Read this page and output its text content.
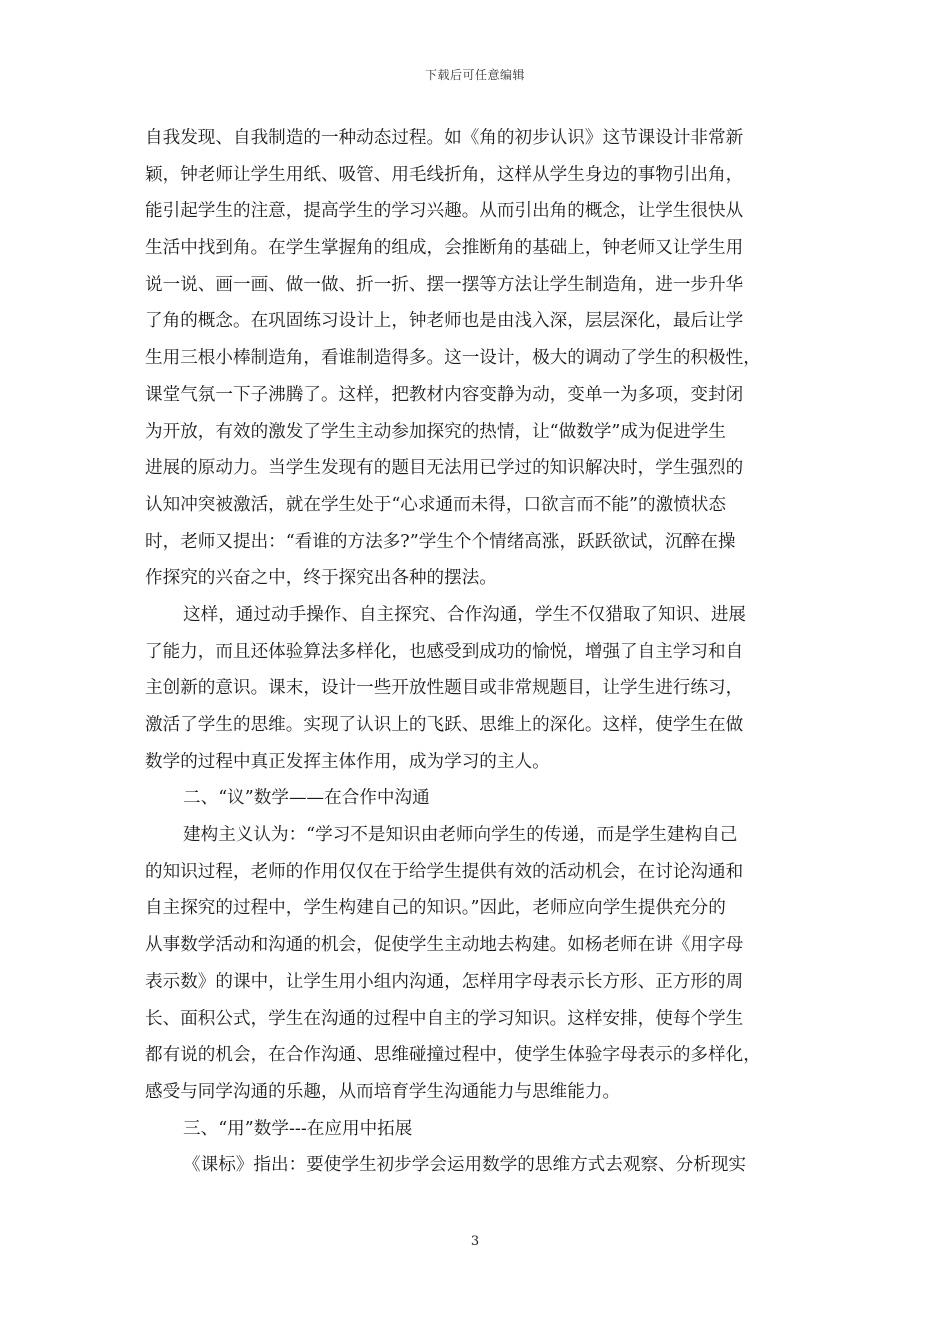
下载后可任意编辑

自我发现、自我制造的一种动态过程。如《角的初步认识》这节课设计非常新
颖，钟老师让学生用纸、吸管、用毛线折角，这样从学生身边的事物引出角，
能引起学生的注意，提高学生的学习兴趣。从而引出角的概念，让学生很快从
生活中找到角。在学生掌握角的组成，会推断角的基础上，钟老师又让学生用
说一说、画一画、做一做、折一折、摆一摆等方法让学生制造角，进一步升华
了角的概念。在巩固练习设计上，钟老师也是由浅入深，层层深化，最后让学
生用三根小棒制造角，看谁制造得多。这一设计，极大的调动了学生的积极性，
课堂气氛一下子沸腾了。这样，把教材内容变静为动，变单一为多项，变封闭
为开放，有效的激发了学生主动参加探究的热情，让“做数学”成为促进学生
进展的原动力。当学生发现有的题目无法用已学过的知识解决时，学生强烈的
认知冲突被激活，就在学生处于“心求通而未得，口欲言而不能”的激愤状态
时，老师又提出：“看谁的方法多?”学生个个情绪高涨，跃跃欲试，沉醉在操
作探究的兴奋之中，终于探究出各种的摆法。

这样，通过动手操作、自主探究、合作沟通，学生不仅猎取了知识、进展
了能力，而且还体验算法多样化，也感受到成功的愉悦，增强了自主学习和自
主创新的意识。课末，设计一些开放性题目或非常规题目，让学生进行练习，
激活了学生的思维。实现了认识上的飞跃、思维上的深化。这样，使学生在做
数学的过程中真正发挥主体作用，成为学习的主人。

二、“议”数学——在合作中沟通

建构主义认为：“学习不是知识由老师向学生的传递，而是学生建构自己
的知识过程，老师的作用仅仅在于给学生提供有效的活动机会，在讨论沟通和
自主探究的过程中，学生构建自己的知识。”因此，老师应向学生提供充分的
从事数学活动和沟通的机会，促使学生主动地去构建。如杨老师在讲《用字母
表示数》的课中，让学生用小组内沟通，怎样用字母表示长方形、正方形的周
长、面积公式，学生在沟通的过程中自主的学习知识。这样安排，使每个学生
都有说的机会，在合作沟通、思维碰撞过程中，使学生体验字母表示的多样化，
感受与同学沟通的乐趣，从而培育学生沟通能力与思维能力。

三、“用”数学---在应用中拓展

《课标》指出：要使学生初步学会运用数学的思维方式去观察、分析现实

3
